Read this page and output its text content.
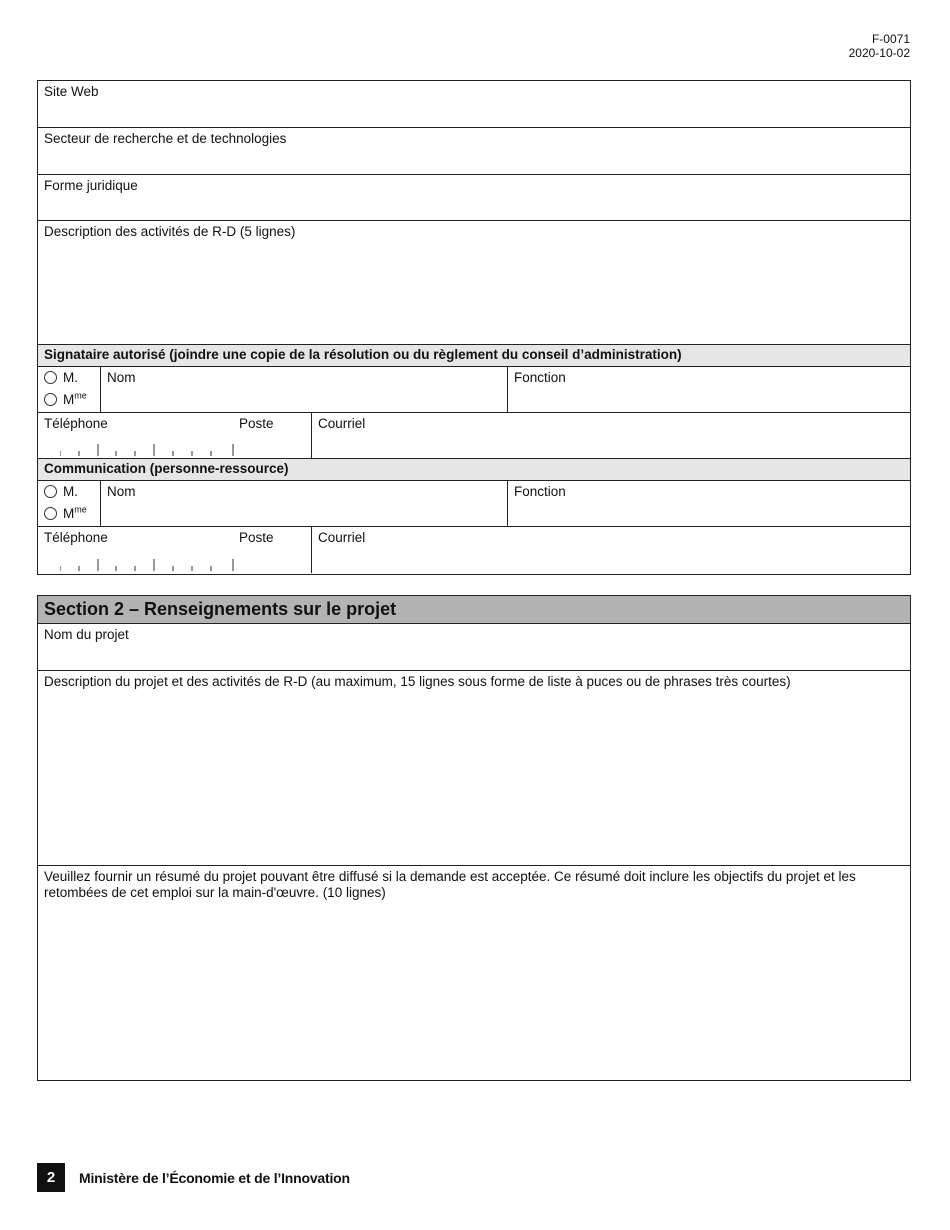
F-0071
2020-10-02
Site Web
Secteur de recherche et de technologies
Forme juridique
Description des activités de R-D (5 lignes)
Signataire autorisé (joindre une copie de la résolution ou du règlement du conseil d’administration)
M.
$M^{me}$
Nom	Fonction
Téléphone	Poste	Courriel
Communication (personne-ressource)
M.
$M^{me}$
Nom	Fonction
Téléphone	Poste	Courriel
Section 2 – Renseignements sur le projet
Nom du projet
Description du projet et des activités de R-D (au maximum, 15 lignes sous forme de liste à puces ou de phrases très courtes)
Veuillez fournir un résumé du projet pouvant être diffusé si la demande est acceptée. Ce résumé doit inclure les objectifs du projet et les retombées de cet emploi sur la main-d'œuvre. (10 lignes)
2	Ministère de l’Économie et de l’Innovation
